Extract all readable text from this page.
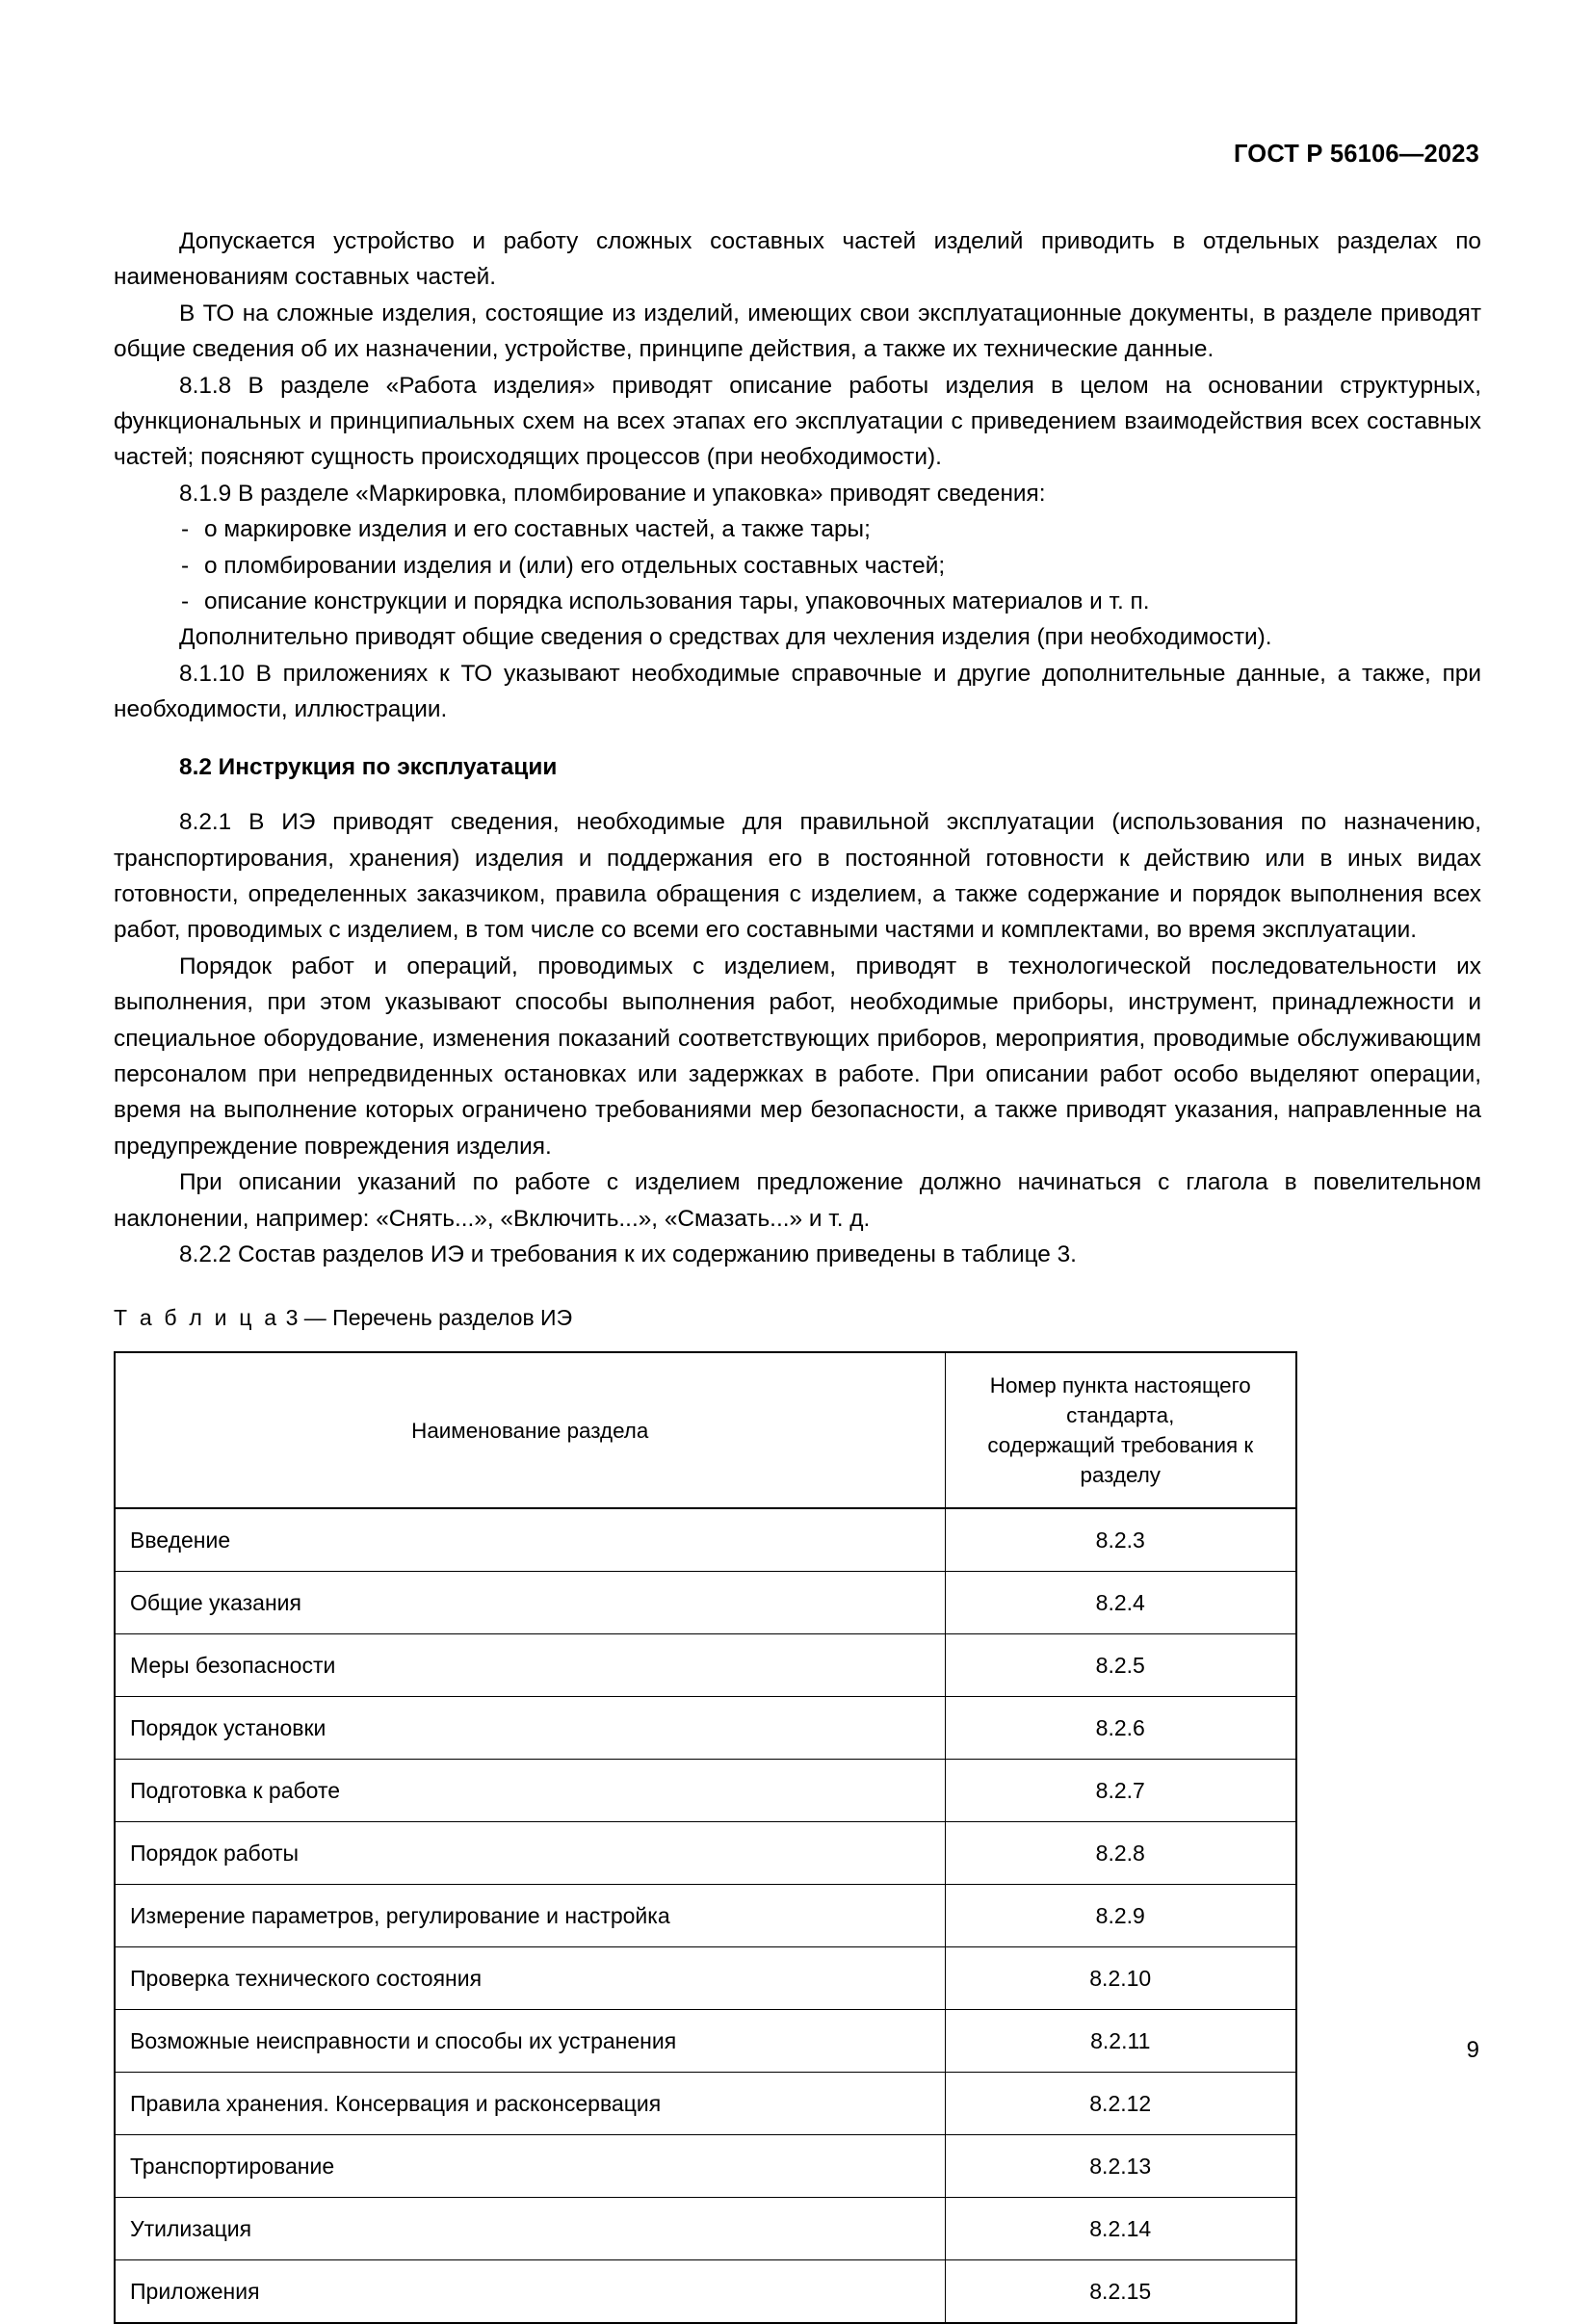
ГОСТ Р 56106—2023

Допускается устройство и работу сложных составных частей изделий приводить в отдельных разделах по наименованиям составных частей.

В ТО на сложные изделия, состоящие из изделий, имеющих свои эксплуатационные документы, в разделе приводят общие сведения об их назначении, устройстве, принципе действия, а также их технические данные.

8.1.8 В разделе «Работа изделия» приводят описание работы изделия в целом на основании структурных, функциональных и принципиальных схем на всех этапах его эксплуатации с приведением взаимодействия всех составных частей; поясняют сущность происходящих процессов (при необходимости).

8.1.9 В разделе «Маркировка, пломбирование и упаковка» приводят сведения:

- о маркировке изделия и его составных частей, а также тары;
- о пломбировании изделия и (или) его отдельных составных частей;
- описание конструкции и порядка использования тары, упаковочных материалов и т. п.

Дополнительно приводят общие сведения о средствах для чехления изделия (при необходимости).

8.1.10 В приложениях к ТО указывают необходимые справочные и другие дополнительные данные, а также, при необходимости, иллюстрации.

8.2 Инструкция по эксплуатации

8.2.1 В ИЭ приводят сведения, необходимые для правильной эксплуатации (использования по назначению, транспортирования, хранения) изделия и поддержания его в постоянной готовности к действию или в иных видах готовности, определенных заказчиком, правила обращения с изделием, а также содержание и порядок выполнения всех работ, проводимых с изделием, в том числе со всеми его составными частями и комплектами, во время эксплуатации.

Порядок работ и операций, проводимых с изделием, приводят в технологической последовательности их выполнения, при этом указывают способы выполнения работ, необходимые приборы, инструмент, принадлежности и специальное оборудование, изменения показаний соответствующих приборов, мероприятия, проводимые обслуживающим персоналом при непредвиденных остановках или задержках в работе. При описании работ особо выделяют операции, время на выполнение которых ограничено требованиями мер безопасности, а также приводят указания, направленные на предупреждение повреждения изделия.

При описании указаний по работе с изделием предложение должно начинаться с глагола в повелительном наклонении, например: «Снять...», «Включить...», «Смазать...» и т. д.

8.2.2 Состав разделов ИЭ и требования к их содержанию приведены в таблице 3.

Т а б л и ц а 3 — Перечень разделов ИЭ
Наименование раздела	Номер пункта настоящего стандарта,
содержащий требования к разделу
Введение	8.2.3
Общие указания	8.2.4
Меры безопасности	8.2.5
Порядок установки	8.2.6
Подготовка к работе	8.2.7
Порядок работы	8.2.8
Измерение параметров, регулирование и настройка	8.2.9
Проверка технического состояния	8.2.10
Возможные неисправности и способы их устранения	8.2.11
Правила хранения. Консервация и расконсервация	8.2.12
Транспортирование	8.2.13
Утилизация	8.2.14
Приложения	8.2.15
9
